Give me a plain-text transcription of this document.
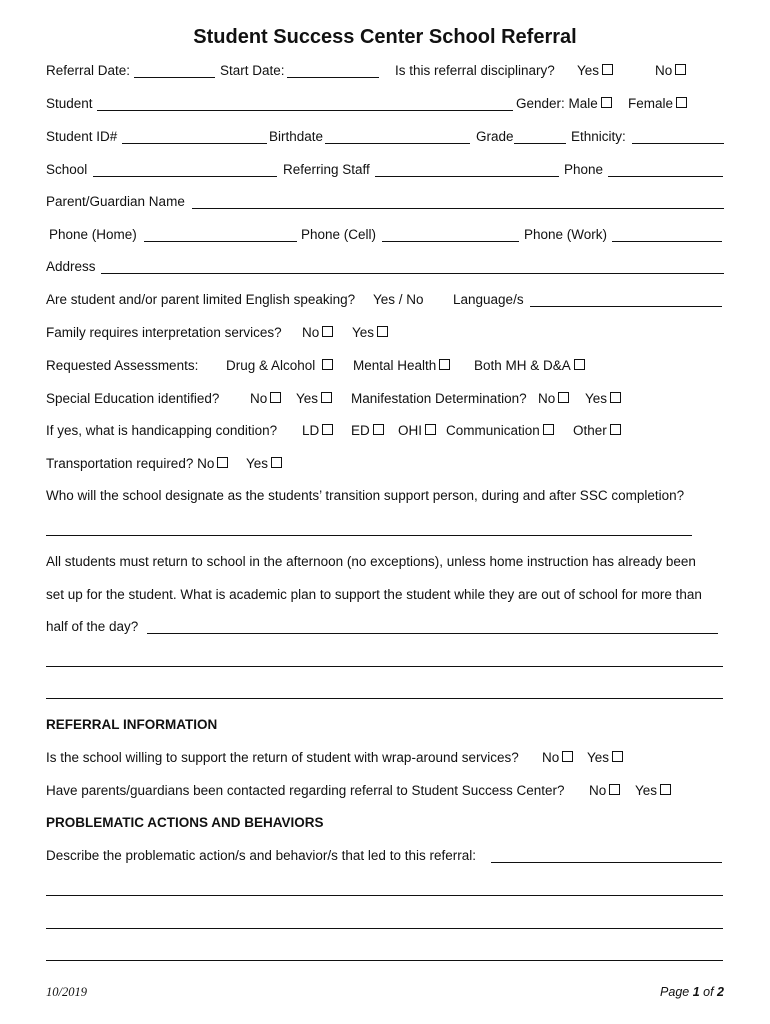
Student Success Center School Referral
Referral Date:	Start Date:	Is this referral disciplinary? Yes	No
Student	Gender: Male	Female
Student ID#	Birthdate	Grade	Ethnicity:
School	Referring Staff	Phone
Parent/Guardian Name
Phone (Home)	Phone (Cell)	Phone (Work)
Address
Are student and/or parent limited English speaking? Yes / No Language/s
Family requires interpretation services? No	Yes
Requested Assessments: Drug & Alcohol	Mental Health	Both MH & D&A
Special Education identified? No	Yes	Manifestation Determination? No	Yes
If yes, what is handicapping condition? LD	ED	OHI	Communication	Other
Transportation required? No	Yes
Who will the school designate as the students’ transition support person, during and after SSC completion?
All students must return to school in the afternoon (no exceptions), unless home instruction has already been
set up for the student. What is academic plan to support the student while they are out of school for more than
half of the day?
REFERRAL INFORMATION
Is the school willing to support the return of student with wrap-around services? No	Yes
Have parents/guardians been contacted regarding referral to Student Success Center? No	Yes
PROBLEMATIC ACTIONS AND BEHAVIORS
Describe the problematic action/s and behavior/s that led to this referral:
10/2019	Page 1 of 2
